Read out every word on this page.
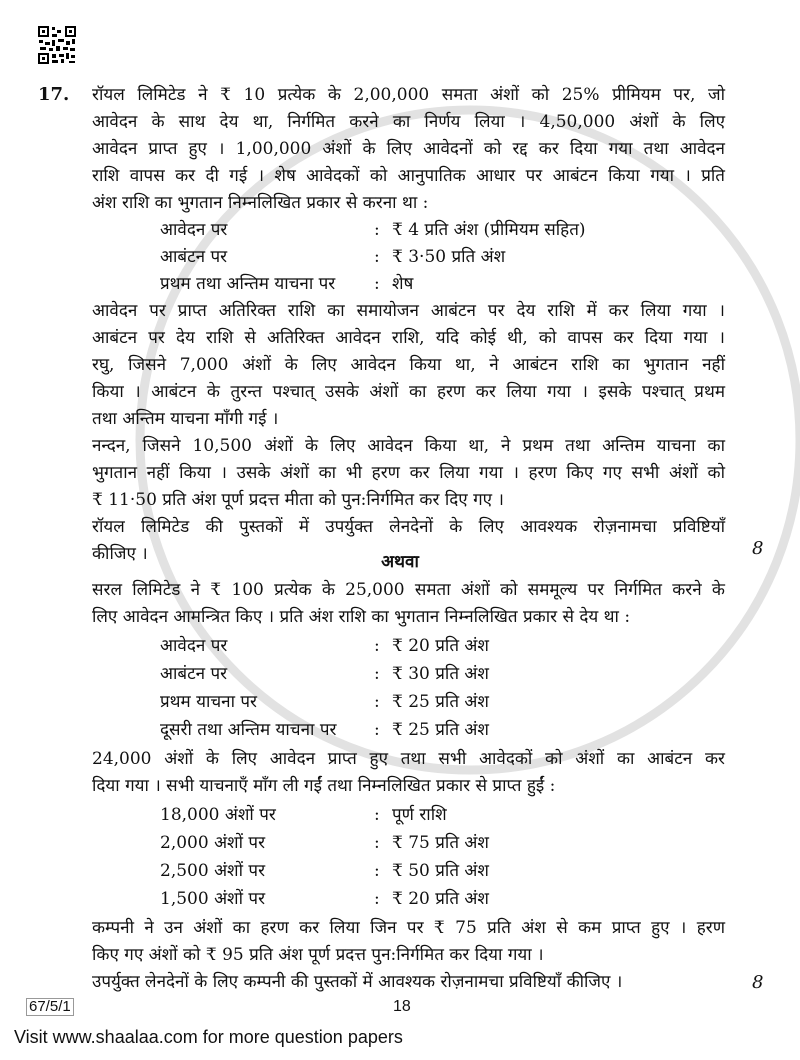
17. रॉयल लिमिटेड ने ₹ 10 प्रत्येक के 2,00,000 समता अंशों को 25% प्रीमियम पर, जो
आवेदन के साथ देय था, निर्गमित करने का निर्णय लिया । 4,50,000 अंशों के लिए
आवेदन प्राप्त हुए । 1,00,000 अंशों के लिए आवेदनों को रद्द कर दिया गया तथा आवेदन
राशि वापस कर दी गई । शेष आवेदकों को आनुपातिक आधार पर आबंटन किया गया । प्रति
अंश राशि का भुगतान निम्नलिखित प्रकार से करना था :
आवेदन पर	: ₹ 4 प्रति अंश (प्रीमियम सहित)
आबंटन पर	: ₹ 3·50 प्रति अंश
प्रथम तथा अन्तिम याचना पर : शेष
आवेदन पर प्राप्त अतिरिक्त राशि का समायोजन आबंटन पर देय राशि में कर लिया गया ।
आबंटन पर देय राशि से अतिरिक्त आवेदन राशि, यदि कोई थी, को वापस कर दिया गया ।
रघु, जिसने 7,000 अंशों के लिए आवेदन किया था, ने आबंटन राशि का भुगतान नहीं
किया । आबंटन के तुरन्त पश्चात् उसके अंशों का हरण कर लिया गया । इसके पश्चात् प्रथम
तथा अन्तिम याचना माँगी गई ।
नन्दन, जिसने 10,500 अंशों के लिए आवेदन किया था, ने प्रथम तथा अन्तिम याचना का
भुगतान नहीं किया । उसके अंशों का भी हरण कर लिया गया । हरण किए गए सभी अंशों को
₹ 11·50 प्रति अंश पूर्ण प्रदत्त मीता को पुन:निर्गमित कर दिए गए ।
रॉयल लिमिटेड की पुस्तकों में उपर्युक्त लेनदेनों के लिए आवश्यक रोज़नामचा प्रविष्टियाँ
कीजिए ।
सरल लिमिटेड ने ₹ 100 प्रत्येक के 25,000 समता अंशों को सममूल्य पर निर्गमित करने के
लिए आवेदन आमन्त्रित किए । प्रति अंश राशि का भुगतान निम्नलिखित प्रकार से देय था :
आवेदन पर	: ₹ 20 प्रति अंश
आबंटन पर	: ₹ 30 प्रति अंश
प्रथम याचना पर	: ₹ 25 प्रति अंश
दूसरी तथा अन्तिम याचना पर : ₹ 25 प्रति अंश
24,000 अंशों के लिए आवेदन प्राप्त हुए तथा सभी आवेदकों को अंशों का आबंटन कर
दिया गया । सभी याचनाएँ माँग ली गईं तथा निम्नलिखित प्रकार से प्राप्त हुईं :
18,000 अंशों पर	: पूर्ण राशि
2,000 अंशों पर	: ₹ 75 प्रति अंश
2,500 अंशों पर	: ₹ 50 प्रति अंश
1,500 अंशों पर	: ₹ 20 प्रति अंश
कम्पनी ने उन अंशों का हरण कर लिया जिन पर ₹ 75 प्रति अंश से कम प्राप्त हुए । हरण
किए गए अंशों को ₹ 95 प्रति अंश पूर्ण प्रदत्त पुन:निर्गमित कर दिया गया ।
उपर्युक्त लेनदेनों के लिए कम्पनी की पुस्तकों में आवश्यक रोज़नामचा प्रविष्टियाँ कीजिए ।
अथवा
8
8
67/5/1	18
Visit www.shaalaa.com for more question papers
